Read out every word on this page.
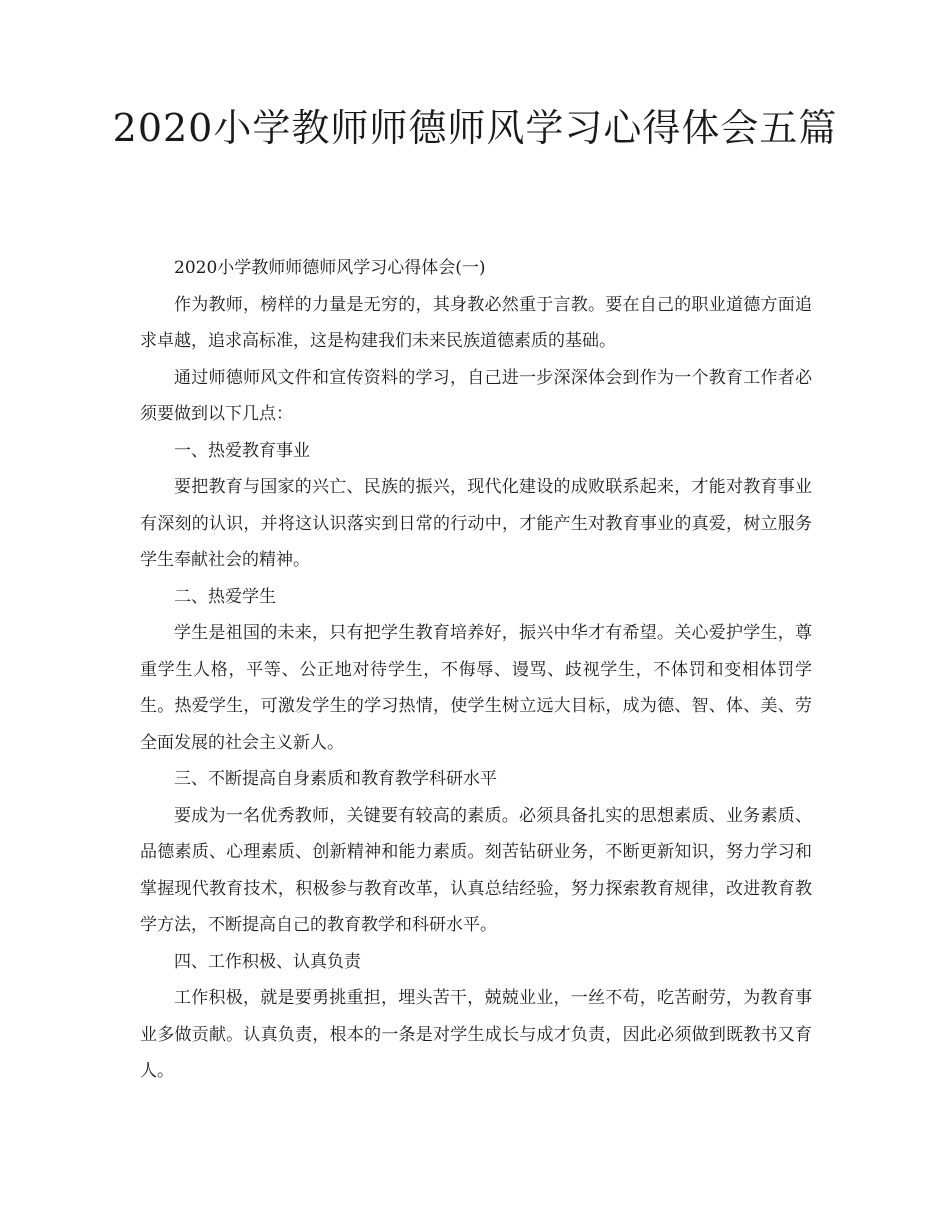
2020小学教师师德师风学习心得体会五篇

2020小学教师师德师风学习心得体会(一)

作为教师，榜样的力量是无穷的，其身教必然重于言教。要在自己的职业道德方面追求卓越，追求高标准，这是构建我们未来民族道德素质的基础。

通过师德师风文件和宣传资料的学习，自己进一步深深体会到作为一个教育工作者必须要做到以下几点：

一、热爱教育事业

要把教育与国家的兴亡、民族的振兴，现代化建设的成败联系起来，才能对教育事业有深刻的认识，并将这认识落实到日常的行动中，才能产生对教育事业的真爱，树立服务学生奉献社会的精神。

二、热爱学生

学生是祖国的未来，只有把学生教育培养好，振兴中华才有希望。关心爱护学生，尊重学生人格，平等、公正地对待学生，不侮辱、谩骂、歧视学生，不体罚和变相体罚学生。热爱学生，可激发学生的学习热情，使学生树立远大目标，成为德、智、体、美、劳全面发展的社会主义新人。

三、不断提高自身素质和教育教学科研水平

要成为一名优秀教师，关键要有较高的素质。必须具备扎实的思想素质、业务素质、品德素质、心理素质、创新精神和能力素质。刻苦钻研业务，不断更新知识，努力学习和掌握现代教育技术，积极参与教育改革，认真总结经验，努力探索教育规律，改进教育教学方法，不断提高自己的教育教学和科研水平。

四、工作积极、认真负责

工作积极，就是要勇挑重担，埋头苦干，兢兢业业，一丝不苟，吃苦耐劳，为教育事业多做贡献。认真负责，根本的一条是对学生成长与成才负责，因此必须做到既教书又育人。
